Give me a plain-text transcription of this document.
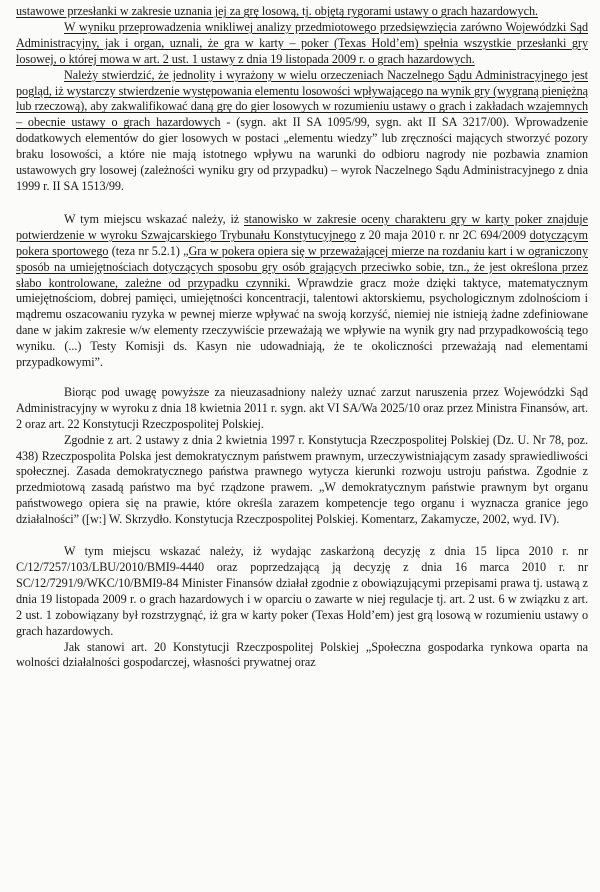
ustawowe przesłanki w zakresie uznania jej za grę losową, tj. objętą rygorami ustawy o grach hazardowych.

W wyniku przeprowadzenia wnikliwej analizy przedmiotowego przedsięwzięcia zarówno Wojewódzki Sąd Administracyjny, jak i organ, uznali, że gra w karty – poker (Texas Hold’em) spełnia wszystkie przesłanki gry losowej, o której mowa w art. 2 ust. 1 ustawy z dnia 19 listopada 2009 r. o grach hazardowych.

Należy stwierdzić, że jednolity i wyrażony w wielu orzeczeniach Naczelnego Sądu Administracyjnego jest pogląd, iż wystarczy stwierdzenie występowania elementu losowości wpływającego na wynik gry (wygraną pieniężną lub rzeczową), aby zakwalifikować daną grę do gier losowych w rozumieniu ustawy o grach i zakładach wzajemnych – obecnie ustawy o grach hazardowych - (sygn. akt II SA 1095/99, sygn. akt II SA 3217/00). Wprowadzenie dodatkowych elementów do gier losowych w postaci „elementu wiedzy” lub zręczności mających stworzyć pozory braku losowości, a które nie mają istotnego wpływu na warunki do odbioru nagrody nie pozbawia znamion ustawowych gry losowej (zależności wyniku gry od przypadku) – wyrok Naczelnego Sądu Administracyjnego z dnia 1999 r. II SA 1513/99.

W tym miejscu wskazać należy, iż stanowisko w zakresie oceny charakteru gry w karty poker znajduje potwierdzenie w wyroku Szwajcarskiego Trybunału Konstytucyjnego z 20 maja 2010 r. nr 2C 694/2009 dotyczącym pokera sportowego (teza nr 5.2.1) „Gra w pokera opiera się w przeważającej mierze na rozdaniu kart i w ograniczony sposób na umiejętnościach dotyczących sposobu gry osób grających przeciwko sobie, tzn., że jest określona przez słabo kontrolowane, zależne od przypadku czynniki. Wprawdzie gracz może dzięki taktyce, matematycznym umiejętnościom, dobrej pamięci, umiejętności koncentracji, talentowi aktorskiemu, psychologicznym zdolnościom i mądremu oszacowaniu ryzyka w pewnej mierze wpływać na swoją korzyść, niemiej nie istnieją żadne zdefiniowane dane w jakim zakresie w/w elementy rzeczywiście przeważają we wpływie na wynik gry nad przypadkowością tego wyniku. (...) Testy Komisji ds. Kasyn nie udowadniają, że te okoliczności przeważają nad elementami przypadkowymi”.

Biorąc pod uwagę powyższe za nieuzasadniony należy uznać zarzut naruszenia przez Wojewódzki Sąd Administracyjny w wyroku z dnia 18 kwietnia 2011 r. sygn. akt VI SA/Wa 2025/10 oraz przez Ministra Finansów, art. 2 oraz art. 22 Konstytucji Rzeczpospolitej Polskiej.

Zgodnie z art. 2 ustawy z dnia 2 kwietnia 1997 r. Konstytucja Rzeczpospolitej Polskiej (Dz. U. Nr 78, poz. 438) Rzeczpospolita Polska jest demokratycznym państwem prawnym, urzeczywistniającym zasady sprawiedliwości społecznej. Zasada demokratycznego państwa prawnego wytycza kierunki rozwoju ustroju państwa. Zgodnie z przedmiotową zasadą państwo ma być rządzone prawem. „W demokratycznym państwie prawnym byt organu państwowego opiera się na prawie, które określa zarazem kompetencje tego organu i wyznacza granice jego działalności” ([w:] W. Skrzydło. Konstytucja Rzeczpospolitej Polskiej. Komentarz, Zakamycze, 2002, wyd. IV).

W tym miejscu wskazać należy, iż wydając zaskarżoną decyzję z dnia 15 lipca 2010 r. nr C/12/7257/103/LBU/2010/BMI9-4440 oraz poprzedzającą ją decyzję z dnia 16 marca 2010 r. nr SC/12/7291/9/WKC/10/BMI9-84 Minister Finansów działał zgodnie z obowiązującymi przepisami prawa tj. ustawą z dnia 19 listopada 2009 r. o grach hazardowych i w oparciu o zawarte w niej regulacje tj. art. 2 ust. 6 w związku z art. 2 ust. 1 zobowiązany był rozstrzygnąć, iż gra w karty poker (Texas Hold’em) jest grą losową w rozumieniu ustawy o grach hazardowych.

Jak stanowi art. 20 Konstytucji Rzeczpospolitej Polskiej „Społeczna gospodarka rynkowa oparta na wolności działalności gospodarczej, własności prywatnej oraz
